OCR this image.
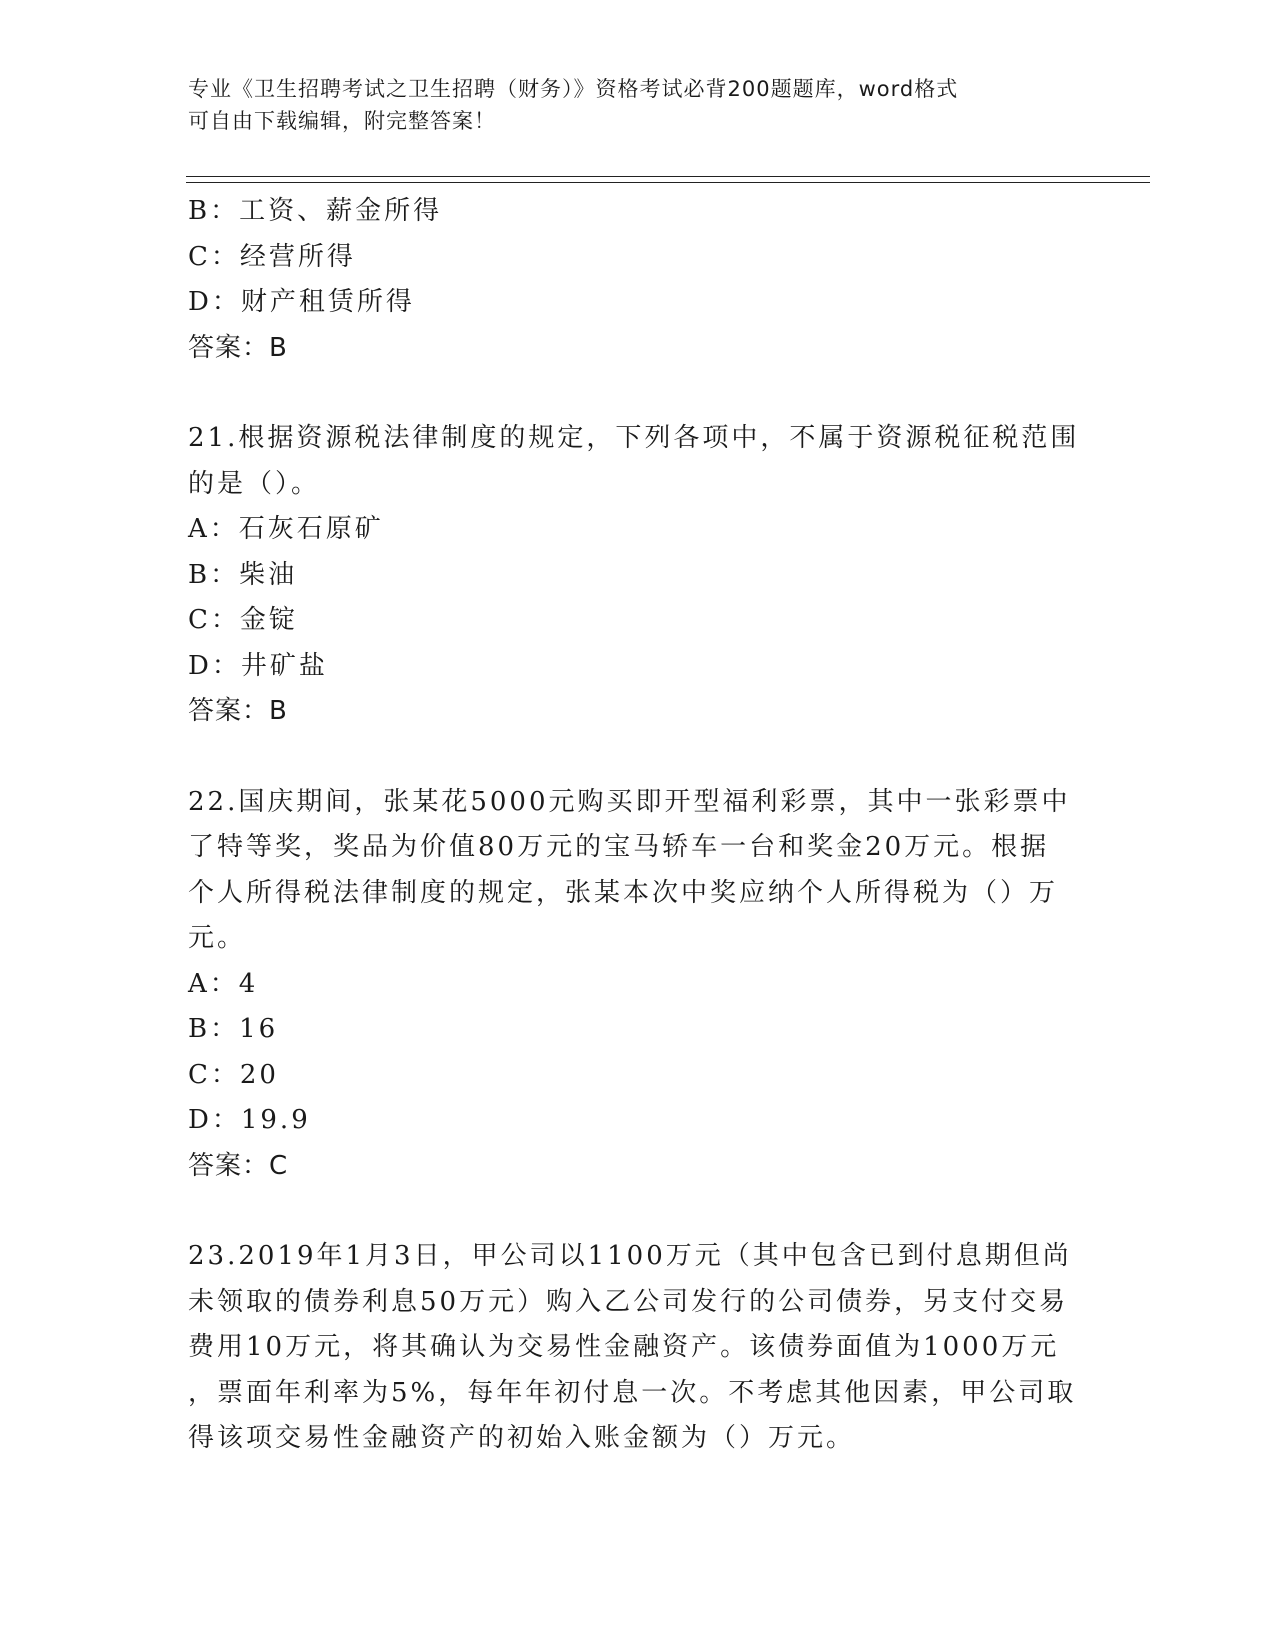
专业《卫生招聘考试之卫生招聘（财务）》资格考试必背200题题库，word格式
可自由下载编辑，附完整答案！
B：工资、薪金所得
C：经营所得
D：财产租赁所得
答案：B
21.根据资源税法律制度的规定，下列各项中，不属于资源税征税范围
的是（）。
A：石灰石原矿
B：柴油
C：金锭
D：井矿盐
答案：B
22.国庆期间，张某花5000元购买即开型福利彩票，其中一张彩票中
了特等奖，奖品为价值80万元的宝马轿车一台和奖金20万元。根据
个人所得税法律制度的规定，张某本次中奖应纳个人所得税为（）万
元。
A：4
B：16
C：20
D：19.9
答案：C
23.2019年1月3日，甲公司以1100万元（其中包含已到付息期但尚
未领取的债券利息50万元）购入乙公司发行的公司债券，另支付交易
费用10万元，将其确认为交易性金融资产。该债券面值为1000万元
，票面年利率为5%，每年年初付息一次。不考虑其他因素，甲公司取
得该项交易性金融资产的初始入账金额为（）万元。
